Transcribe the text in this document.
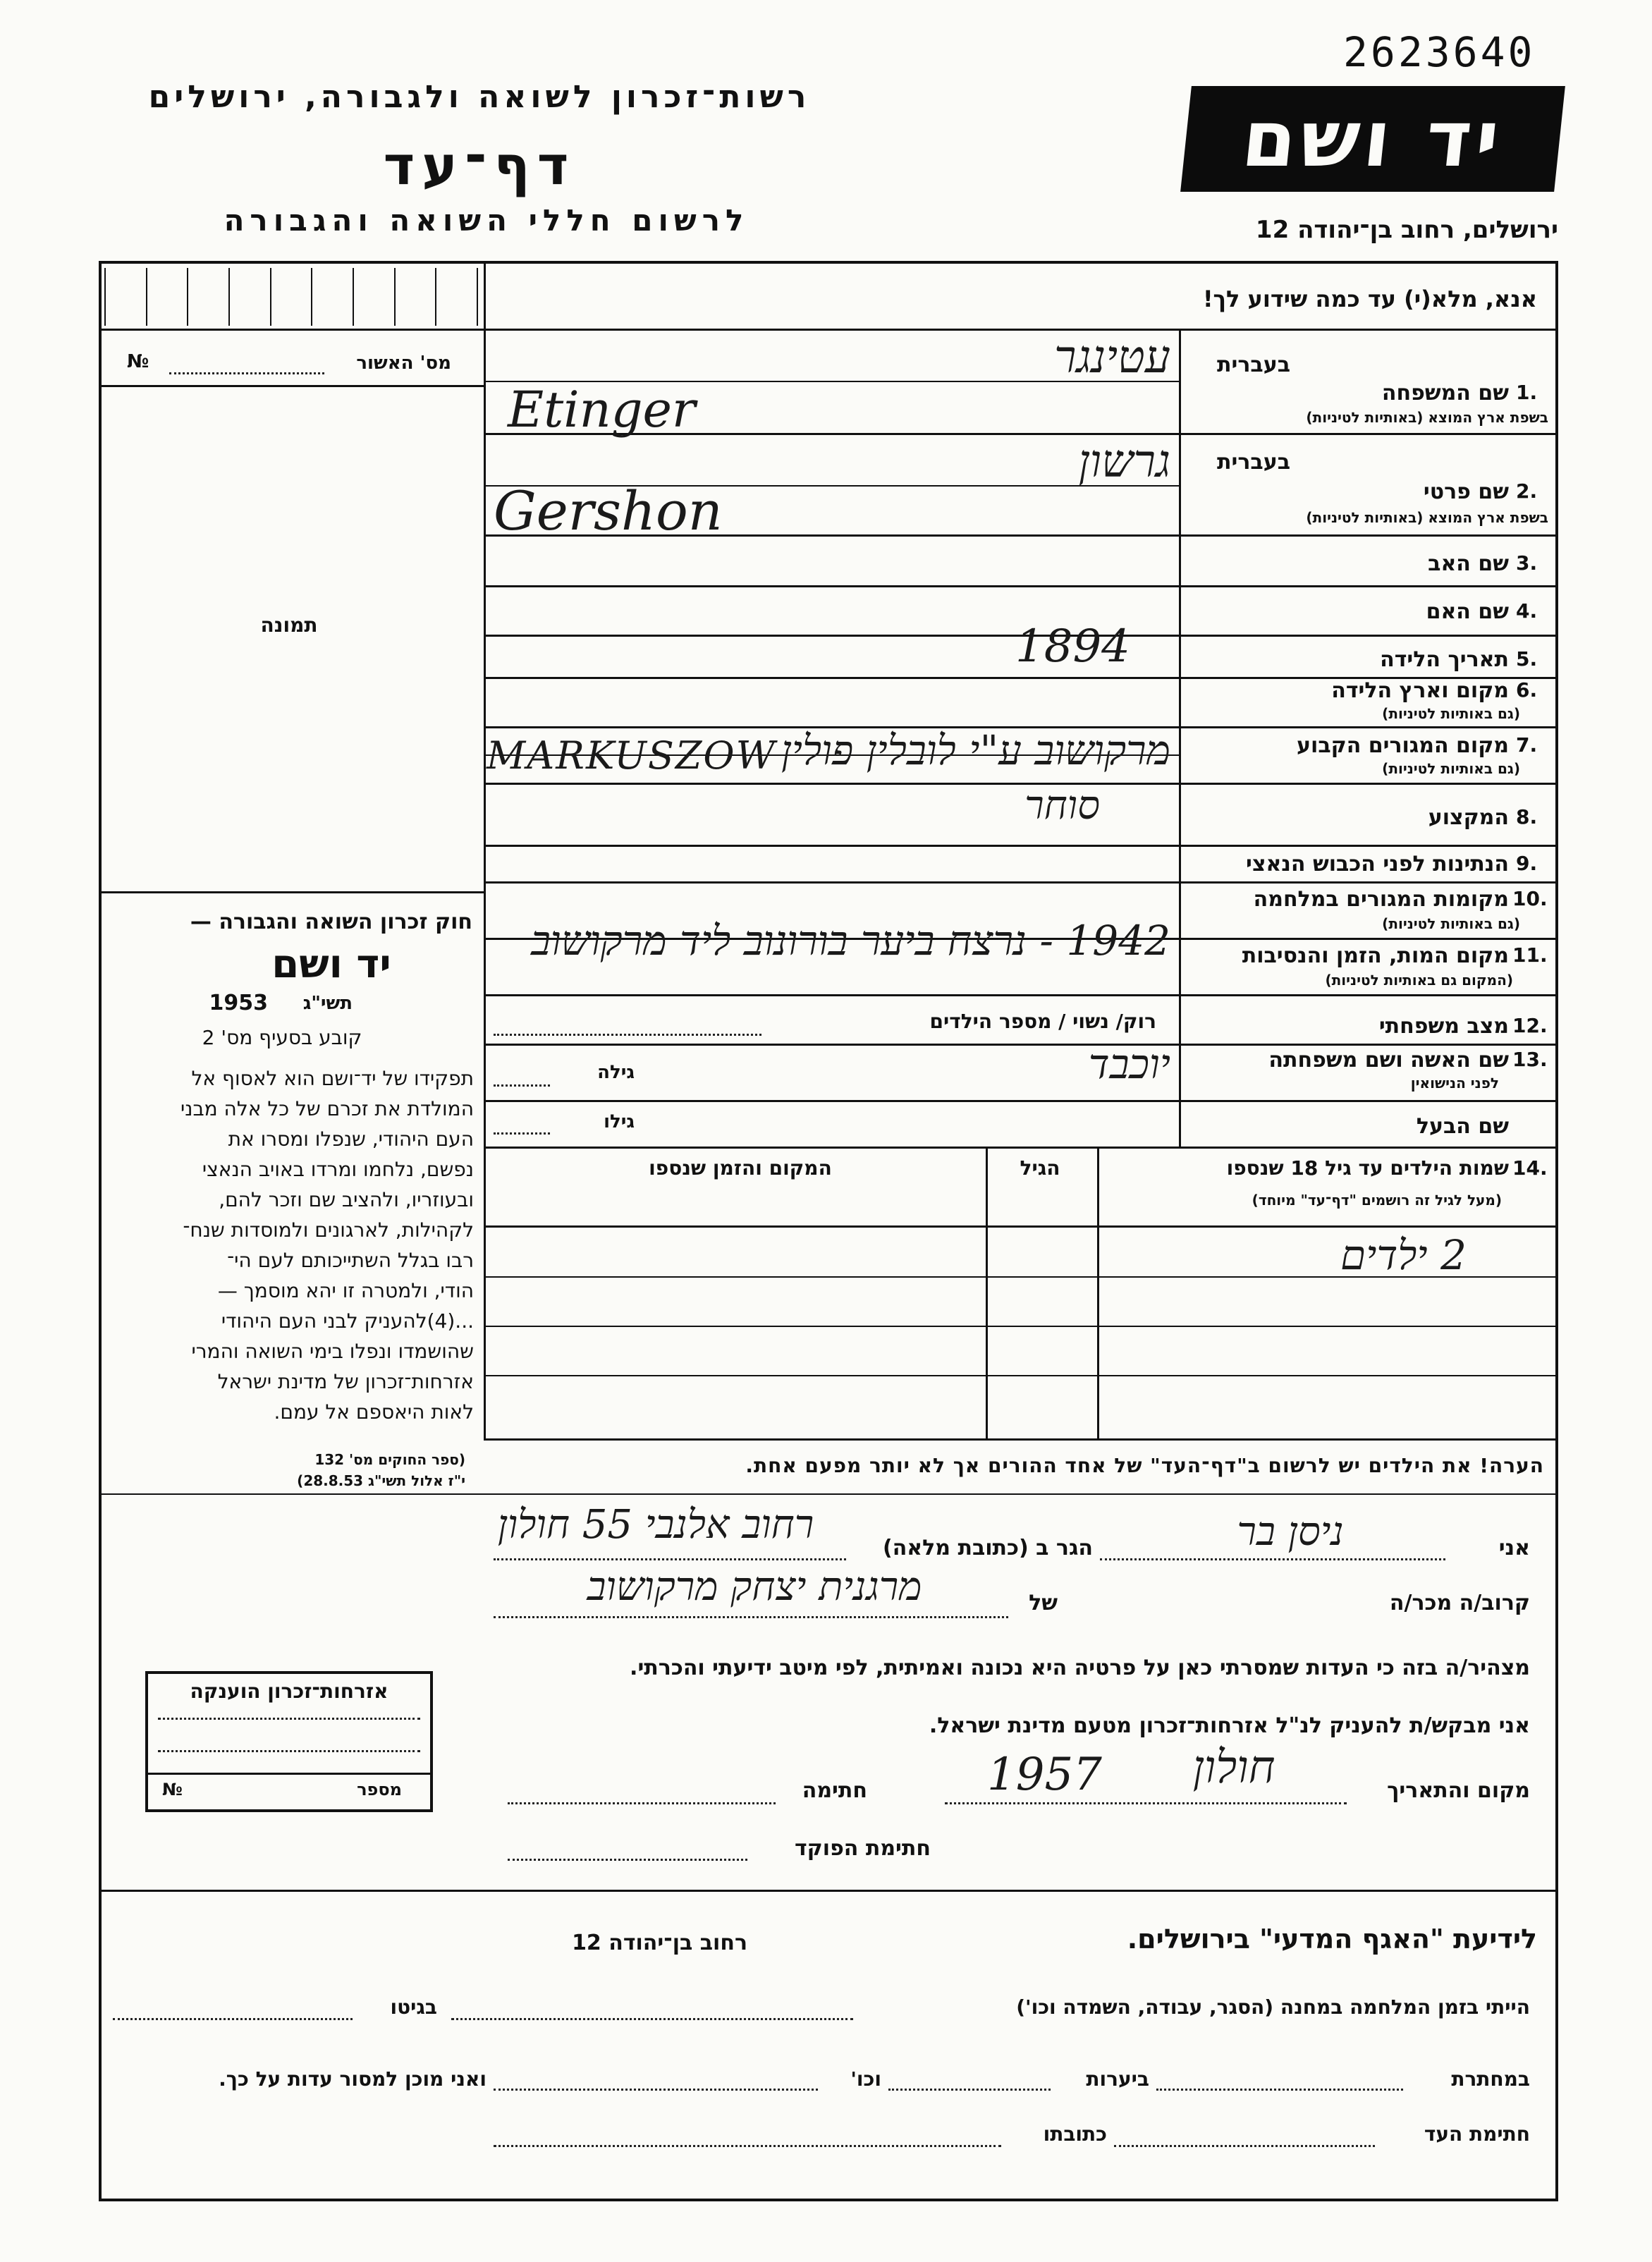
2623640
רשות־זכרון לשואה ולגבורה, ירושלים
דף־עד
לרשום חללי השואה והגבורה
יד ושם
ירושלים, רחוב בן־יהודה 12
אנא, מלא(י) עד כמה שידוע לך!
מס' האשור
№
תמונה
חוק זכרון השואה והגבורה —
יד ושם
תשי"ג
1953
קובע בסעיף מס' 2
תפקידו של יד־ושם הוא לאסוף אל
המולדת את זכרם של כל אלה מבני
העם היהודי, שנפלו ומסרו את
נפשם, נלחמו ומרדו באויב הנאצי
ובעוזריו, ולהציב שם וזכר להם,
לקהילות, לארגונים ולמוסדות שנח־
רבו בגלל השתייכותם לעם הי־
הודי, ולמטרה זו יהא מוסמך —
...(4)להעניק לבני העם היהודי
שהושמדו ונפלו בימי השואה והמרי
אזרחות־זכרון של מדינת ישראל
לאות היאספם אל עמם.
(ספר החוקים מס' 132
י"ז אלול תשי"ג 28.8.53)
בעברית
שם המשפחה 1.
בשפת ארץ המוצא (באותיות לטיניות)
עטינגר
Etinger
בעברית
שם פרטי 2.
בשפת ארץ המוצא (באותיות לטיניות)
גרשון
Gershon
שם האב 3.
שם האם 4.
תאריך הלידה 5.
1894
מקום וארץ הלידה 6.
(גם באותיות לטיניות)
מקום המגורים הקבוע 7.
(גם באותיות לטיניות)
מרקושוב ע"י לובלין פולין
MARKUSZOW
המקצוע 8.
סוחר
הנתינות לפני הכבוש הנאצי 9.
מקומות המגורים במלחמה 10.
(גם באותיות לטיניות)
מקום המות, הזמן והנסיבות 11.
(המקום גם באותיות לטיניות)
1942 - נרצח ביער בורונוב ליד מרקושוב
מצב משפחתי 12.
רוק/ נשוי / מספר הילדים
שם האשה ושם משפחתה 13.
לפני הנישואין
יוכבד
גילה
שם הבעל
גילו
14.
שמות הילדים עד גיל 18 שנספו
(מעל לגיל זה רושמים "דף־עד" מיוחד)
הגיל
המקום והזמן שנספו
2 ילדים
הערה! את הילדים יש לרשום ב"דף־העד" של אחד ההורים אך לא יותר מפעם אחת.
אני
ניסן בר
הגר ב (כתובת מלאה)
רחוב אלנבי 55 חולון
קרוב/ה מכר/ה
של
מרגנית יצחק מרקושוב
מצהיר/ה בזה כי העדות שמסרתי כאן על פרטיה היא נכונה ואמיתית, לפי מיטב ידיעתי והכרתי.
אני מבקש/ת להעניק לנ"ל אזרחות־זכרון מטעם מדינת ישראל.
מקום והתאריך
חולון
1957
חתימה
חתימת הפוקד
אזרחות־זכרון הוענקה
מספר
№
לידיעת "האגף המדעי" בירושלים.
רחוב בן־יהודה 12
הייתי בזמן המלחמה במחנה (הסגר, עבודה, השמדה וכו')
בגיטו
במחתרת
ביערות
וכו'
ואני מוכן למסור עדות על כך.
חתימת העד
כתובתו
